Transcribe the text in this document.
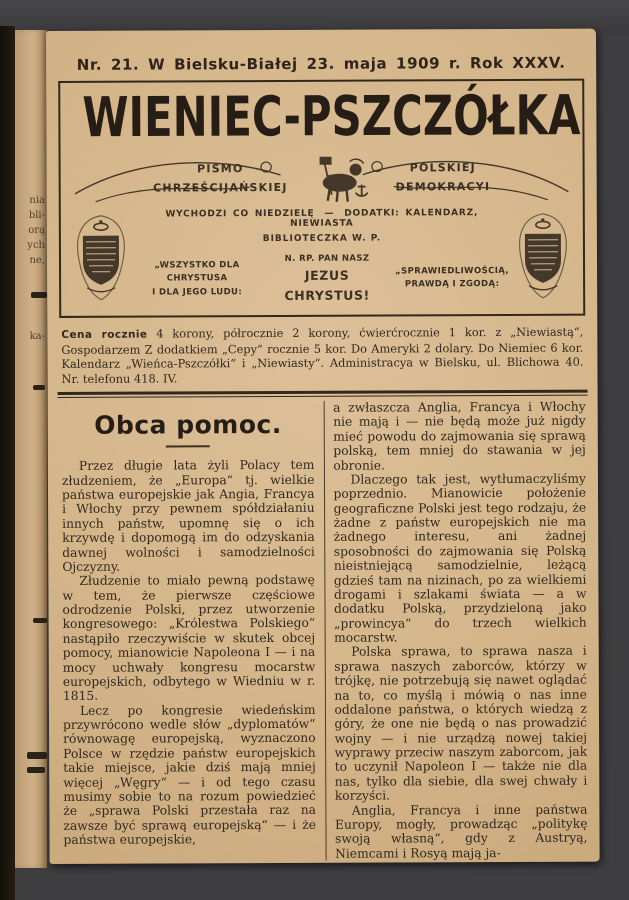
nia
bli-
orą
ych
ne,
ka-
Nr. 21. W Bielsku-Białej 23. maja 1909 r. Rok XXXV.
WIENIEC-PSZCZÓŁKA
PISMO
CHRZEŚCIJAŃSKIEJ
POLSKIEJ
DEMOKRACYI
WYCHODZI CO NIEDZIELĘ — DODATKI: KALENDARZ, NIEWIASTA
BIBLIOTECZKA W. P.
„WSZYSTKO DLA CHRYSTUSA
I DLA JEGO LUDU:
N. RP. PAN NASZ
JEZUS CHRYSTUS!
„SPRAWIEDLIWOŚCIĄ,
PRAWDĄ I ZGODĄ:
Cena rocznie 4 korony, półrocznie 2 korony, ćwierćrocznie 1 kor. z „Niewiastą“, Gospodarzem Z dodatkiem „Cepy“ rocznie 5 kor. Do Ameryki 2 dolary. Do Niemiec 6 kor. Kalendarz „Wieńca-Pszczółki“ i „Niewiasty“. Administracya w Bielsku, ul. Blichowa 40. Nr. telefonu 418. IV.
Obca pomoc.

Przez długie lata żyli Polacy tem złudzeniem, że „Europa“ tj. wielkie państwa europejskie jak Angia, Francya i Włochy przy pewnem spółdziałaniu innych państw, upomnę się o ich krzywdę i dopomogą im do odzyskania dawnej wolności i samodzielności Ojczyzny.

Złudzenie to miało pewną podstawę w tem, że pierwsze częściowe odrodzenie Polski, przez utworzenie kongresowego: „Królestwa Polskiego“ nastąpiło rzeczywiście w skutek obcej pomocy, mianowicie Napoleona I — i na mocy uchwały kongresu mocarstw europejskich, odbytego w Wiedniu w r. 1815.

Lecz po kongresie wiedeńskim przywrócono wedle słów „dyplomatów“ równowagę europejską, wyznaczono Polsce w rzędzie państw europejskich takie miejsce, jakie dziś mają mniej więcej „Węgry“ — i od tego czasu musimy sobie to na rozum powiedzieć że „sprawa Polski przestała raz na zawsze być sprawą europejską“ — i że państwa europejskie,

a zwłaszcza Anglia, Francya i Włochy nie mają i — nie będą może już nigdy mieć powodu do zajmowania się sprawą polską, tem mniej do stawania w jej obronie.

Dlaczego tak jest, wytłumaczyliśmy poprzednio. Mianowicie położenie geograficzne Polski jest tego rodzaju, że żadne z państw europejskich nie ma żadnego interesu, ani żadnej sposobności do zajmowania się Polską nieistniejącą samodzielnie, leżącą gdzieś tam na nizinach, po za wielkiemi drogami i szlakami świata — a w dodatku Polską, przydzieloną jako „prowincya“ do trzech wielkich mocarstw.

Polska sprawa, to sprawa nasza i sprawa naszych zaborców, którzy w trójkę, nie potrzebują się nawet oglądać na to, co myślą i mówią o nas inne oddalone państwa, o których wiedzą z góry, że one nie będą o nas prowadzić wojny — i nie urządzą nowej takiej wyprawy przeciw naszym zaborcom, jak to uczynił Napoleon I — także nie dla nas, tylko dla siebie, dla swej chwały i korzyści.

Anglia, Francya i inne państwa Europy, mogły, prowadząc „politykę swoją własną“, gdy z Austryą, Niemcami i Rosyą mają ja-
